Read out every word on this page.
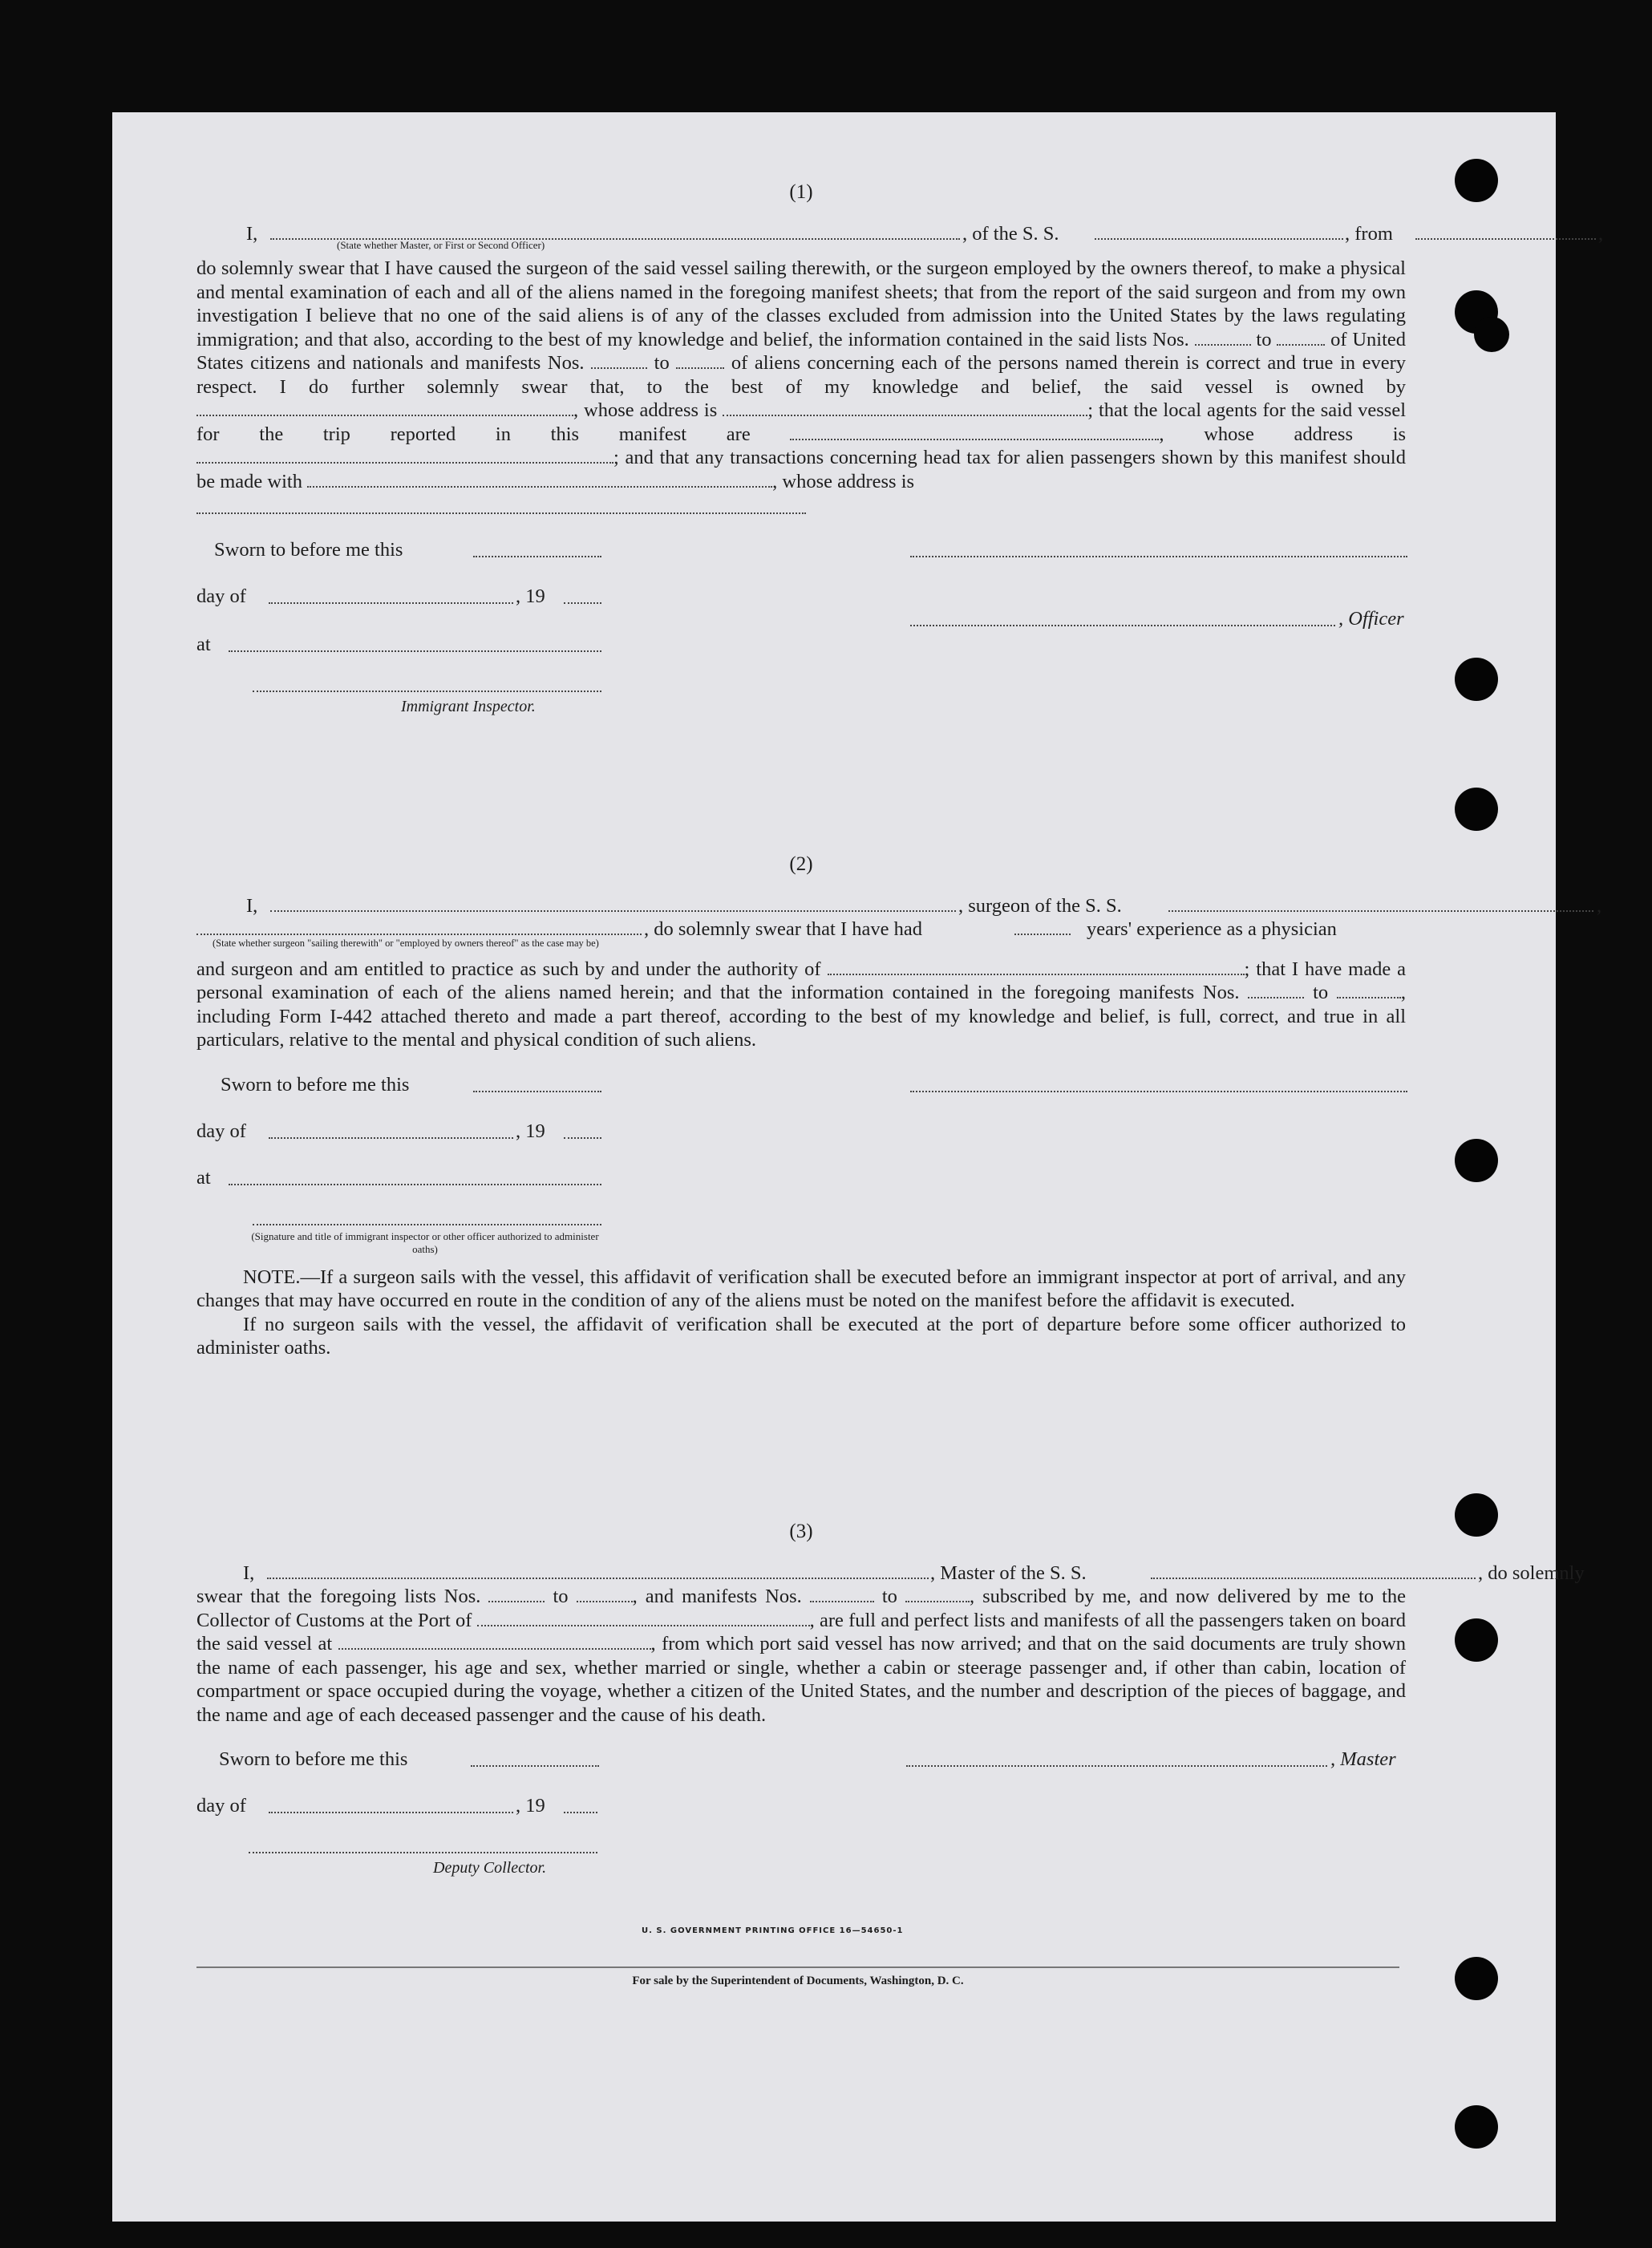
(1)
I,	, of the S. S.	, from	,
(State whether Master, or First or Second Officer)

do solemnly swear that I have caused the surgeon of the said vessel sailing therewith, or the surgeon employed by the owners thereof, to make a physical and mental examination of each and all of the aliens named in the foregoing manifest sheets; that from the report of the said surgeon and from my own investigation I believe that no one of the said aliens is of any of the classes excluded from admission into the United States by the laws regulating immigration; and that also, according to the best of my knowledge and belief, the information contained in the said lists Nos.	to	of United States citizens and nationals and manifests Nos.	to	of aliens concerning each of the persons named therein is correct and true in every respect. I do further solemnly swear that, to the best of my knowledge and belief, the said vessel is owned by , whose address is	; that the local agents for the said vessel for the trip reported in this manifest are	, whose address is ; and that any transactions concerning head tax for alien passengers shown by this manifest should be made with	, whose address is

Sworn to before me this
day of	, 19
, Officer
at
Immigrant Inspector.
(2)
I,	, surgeon of the S. S.	,
, do solemnly swear that I have had	years' experience as a physician
(State whether surgeon "sailing therewith" or "employed by owners thereof" as the case may be)

and surgeon and am entitled to practice as such by and under the authority of	; that I have made a personal examination of each of the aliens named herein; and that the information contained in the foregoing manifests Nos.	to	, including Form I-442 attached thereto and made a part thereof, according to the best of my knowledge and belief, is full, correct, and true in all particulars, relative to the mental and physical condition of such aliens.

Sworn to before me this
day of	, 19
at
(Signature and title of immigrant inspector or other officer authorized to administer oaths)

NOTE.—If a surgeon sails with the vessel, this affidavit of verification shall be executed before an immigrant inspector at port of arrival, and any changes that may have occurred en route in the condition of any of the aliens must be noted on the manifest before the affidavit is executed.

If no surgeon sails with the vessel, the affidavit of verification shall be executed at the port of departure before some officer authorized to administer oaths.

(3)
I,	, Master of the S. S.	, do solemnly

swear that the foregoing lists Nos.	to	, and manifests Nos.	to	, subscribed by me, and now delivered by me to the Collector of Customs at the Port of	, are full and perfect lists and manifests of all the passengers taken on board the said vessel at	, from which port said vessel has now arrived; and that on the said documents are truly shown the name of each passenger, his age and sex, whether married or single, whether a cabin or steerage passenger and, if other than cabin, location of compartment or space occupied during the voyage, whether a citizen of the United States, and the number and description of the pieces of baggage, and the name and age of each deceased passenger and the cause of his death.

Sworn to before me this	, Master
day of	, 19
Deputy Collector.
U. S. GOVERNMENT PRINTING OFFICE 16—54650-1
For sale by the Superintendent of Documents, Washington, D. C.
